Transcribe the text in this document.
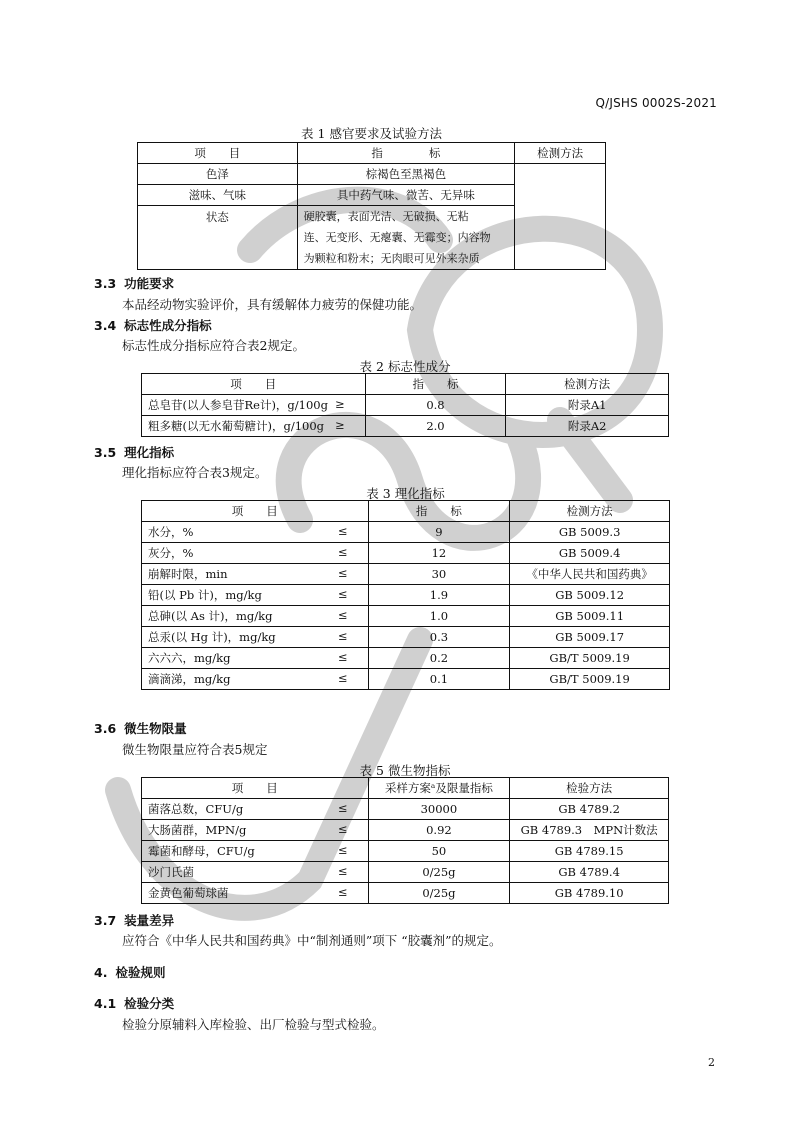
Q/JSHS 0002S-2021
表 1 感官要求及试验方法
项　　目	指　　　　标	检测方法
色泽	棕褐色至黑褐色	
滋味、气味	具中药气味、微苦、无异味	
状态	硬胶囊，表面光洁、无破损、无粘
连、无变形、无瘪囊、无霉变；内容物
为颗粒和粉末；无肉眼可见外来杂质	
3.3 功能要求
本品经动物实验评价，具有缓解体力疲劳的保健功能。
3.4 标志性成分指标
标志性成分指标应符合表2规定。
表 2 标志性成分
项　　目	指　　标	检测方法

总皂苷(以人参皂苷Re计)，g/100g ≥	0.8	附录A1

粗多糖(以无水葡萄糖计)，g/100g ≥	2.0	附录A2
3.5 理化指标
理化指标应符合表3规定。
表 3 理化指标
项　　目	指　　标	检测方法

水分，% ≤	9	GB 5009.3

灰分，% ≤	12	GB 5009.4

崩解时限，min ≤	30	《中华人民共和国药典》

铅(以 Pb 计)，mg/kg ≤	1.9	GB 5009.12

总砷(以 As 计)，mg/kg ≤	1.0	GB 5009.11

总汞(以 Hg 计)，mg/kg ≤	0.3	GB 5009.17

六六六，mg/kg ≤	0.2	GB/T 5009.19

滴滴涕，mg/kg ≤	0.1	GB/T 5009.19
3.6 微生物限量
微生物限量应符合表5规定
表 5 微生物指标
项　　目	采样方案ᵃ及限量指标	检验方法

菌落总数，CFU/g ≤	30000	GB 4789.2

大肠菌群，MPN/g ≤	0.92	GB 4789.3　MPN计数法

霉菌和酵母，CFU/g ≤	50	GB 4789.15

沙门氏菌 ≤	0/25g	GB 4789.4

金黄色葡萄球菌 ≤	0/25g	GB 4789.10
3.7 装量差异
应符合《中华人民共和国药典》中“制剂通则”项下 “胶囊剂”的规定。
4. 检验规则
4.1 检验分类
检验分原辅料入库检验、出厂检验与型式检验。
2
